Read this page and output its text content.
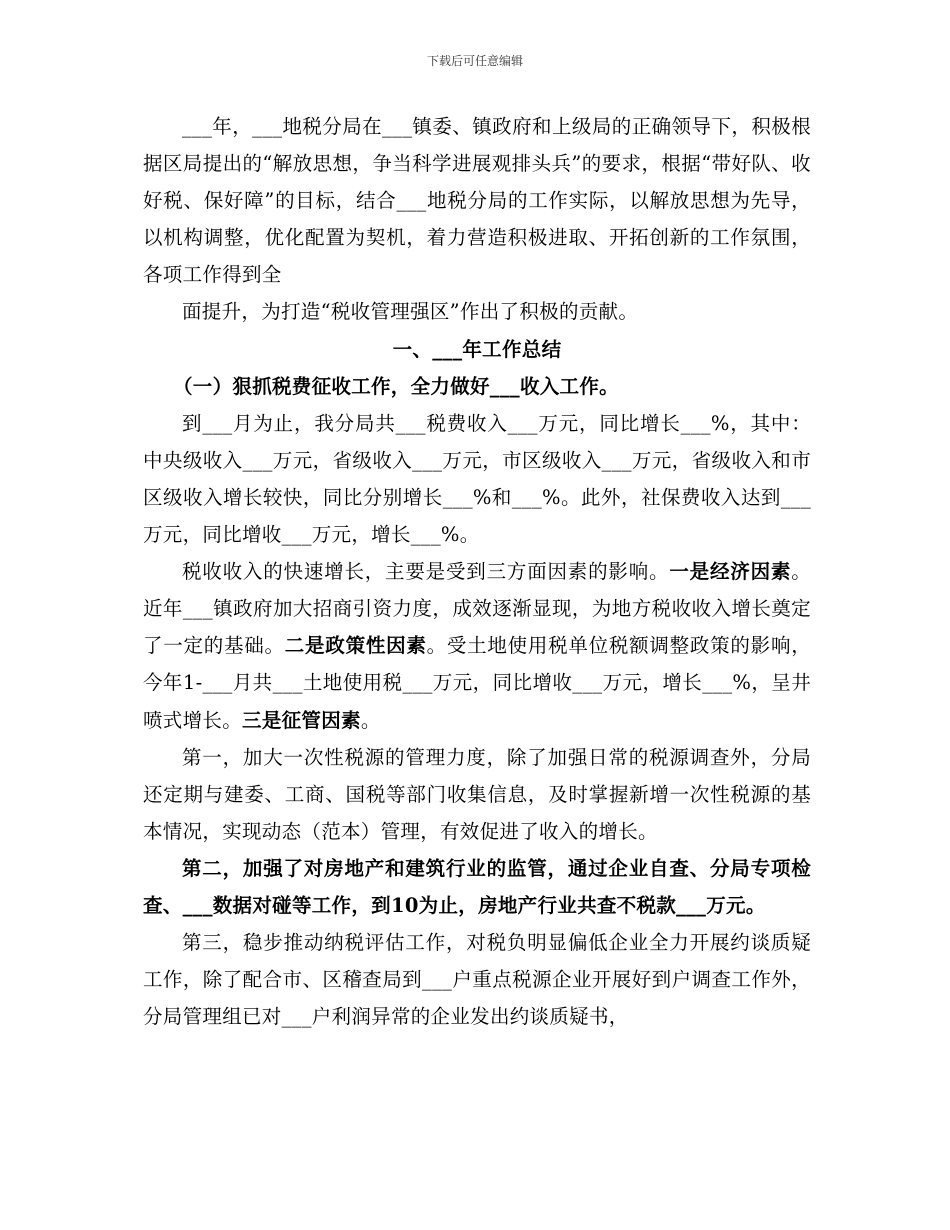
下载后可任意编辑

___年，___地税分局在___镇委、镇政府和上级局的正确领导下，积极根据区局提出的“解放思想，争当科学进展观排头兵”的要求，根据“带好队、收好税、保好障”的目标，结合___地税分局的工作实际，以解放思想为先导，以机构调整，优化配置为契机，着力营造积极进取、开拓创新的工作氛围，各项工作得到全

面提升，为打造“税收管理强区”作出了积极的贡献。

一、___年工作总结

（一）狠抓税费征收工作，全力做好___收入工作。

到___月为止，我分局共___税费收入___万元，同比增长___%，其中：中央级收入___万元，省级收入___万元，市区级收入___万元，省级收入和市区级收入增长较快，同比分别增长___%和___%。此外，社保费收入达到___万元，同比增收___万元，增长___%。

税收收入的快速增长，主要是受到三方面因素的影响。一是经济因素。近年___镇政府加大招商引资力度，成效逐渐显现，为地方税收收入增长奠定了一定的基础。二是政策性因素。受土地使用税单位税额调整政策的影响，今年1-___月共___土地使用税___万元，同比增收___万元，增长___%，呈井喷式增长。三是征管因素。

第一，加大一次性税源的管理力度，除了加强日常的税源调查外，分局还定期与建委、工商、国税等部门收集信息，及时掌握新增一次性税源的基本情况，实现动态（范本）管理，有效促进了收入的增长。

第二，加强了对房地产和建筑行业的监管，通过企业自查、分局专项检查、___数据对碰等工作，到10为止，房地产行业共查不税款___万元。

第三，稳步推动纳税评估工作，对税负明显偏低企业全力开展约谈质疑工作，除了配合市、区稽查局到___户重点税源企业开展好到户调查工作外，分局管理组已对___户利润异常的企业发出约谈质疑书，
